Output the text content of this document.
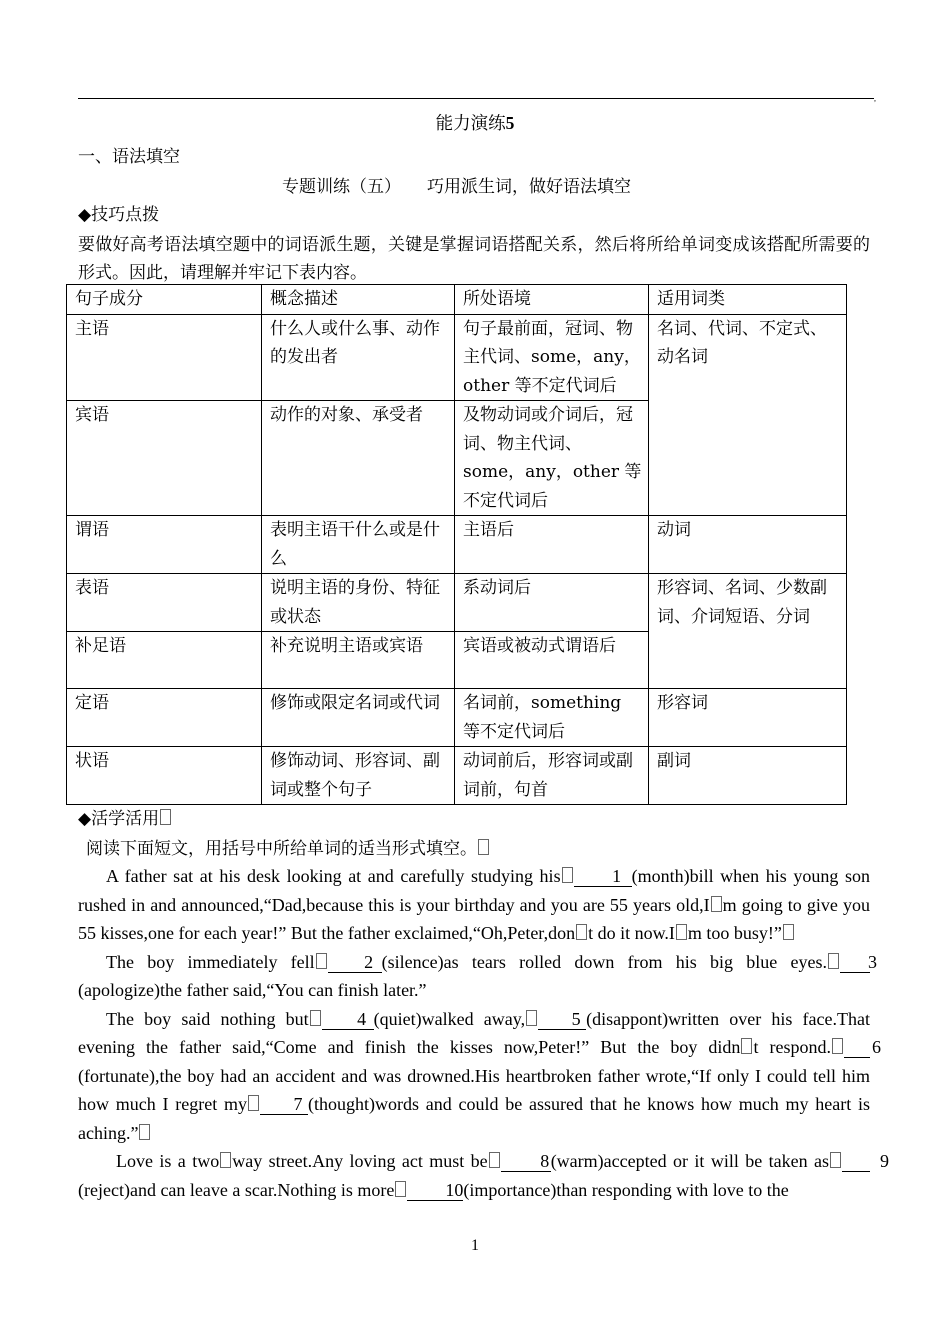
,
能力演练5
一、语法填空
专题训练（五） 巧用派生词，做好语法填空
◆技巧点拨
要做好高考语法填空题中的词语派生题，关键是掌握词语搭配关系，然后将所给单词变成该搭配所需要的形式。因此，请理解并牢记下表内容。
句子成分	概念描述	所处语境	适用词类
主语	什么人或什么事、动作的发出者	句子最前面，冠词、物主代词、some，any，other 等不定代词后	名词、代词、不定式、动名词
宾语	动作的对象、承受者	及物动词或介词后，冠词、物主代词、some，any，other 等不定代词后	
谓语	表明主语干什么或是什么	主语后	动词
表语	说明主语的身份、特征或状态	系动词后	形容词、名词、少数副词、介词短语、分词
补足语	补充说明主语或宾语	宾语或被动式谓语后	
定语	修饰或限定名词或代词	名词前，something 等不定代词后	形容词
状语	修饰动词、形容词、副词或整个句子	动词前后，形容词或副词前，句首	副词
◆活学活用
阅读下面短文，用括号中所给单词的适当形式填空。

A father sat at his desk looking at and carefully studying his	1 (month)bill when his young son rushed in and announced,“Dad,because this is your birthday and you are 55 years old,I m going to give you 55 kisses,one for each year!” But the father exclaimed,“Oh,Peter,don t do it now.I m too busy!”

The boy immediately fell	2 (silence)as tears rolled down from his big blue eyes. 3(apologize)the father said,“You can finish later.”

The boy said nothing but	4 (quiet)walked away,	5 (disappont)written over his face.That evening the father said,“Come and finish the kisses now,Peter!” But the boy didn t respond. 6(fortunate),the boy had an accident and was drowned.His heartbroken father wrote,“If only I could tell him how much I regret my	7 (thought)words and could be assured that he knows how much my heart is aching.”

Love is a two way street.Any loving act must be	8(warm)accepted or it will be taken as	9(reject)and can leave a scar.Nothing is more	10(importance)than responding with love to the

1
